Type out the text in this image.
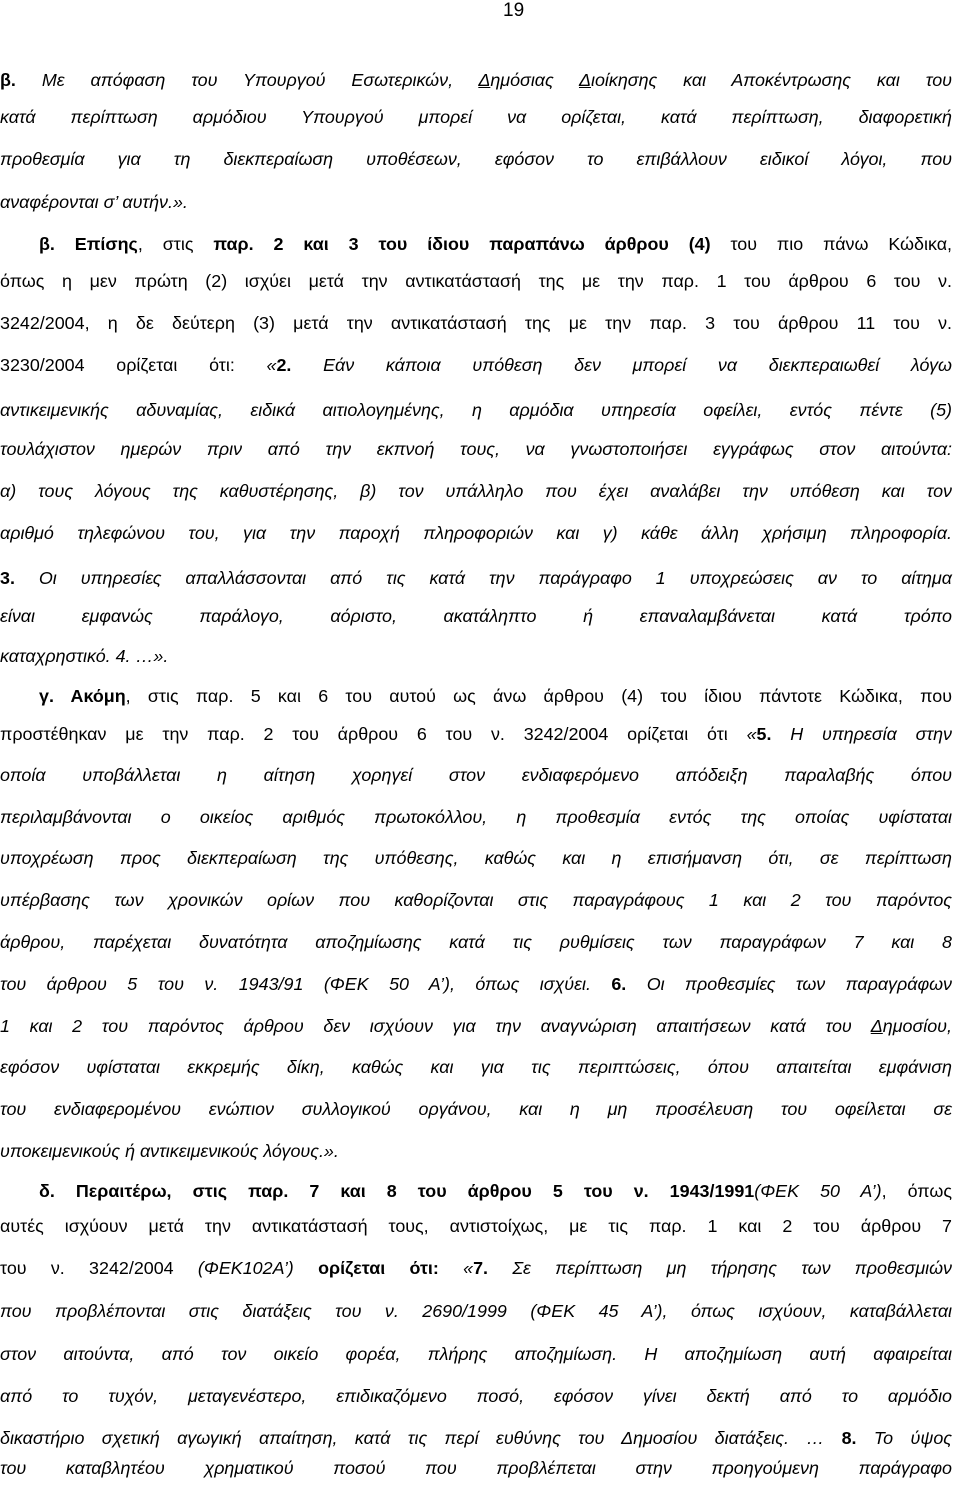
19
β. Με απόφαση του Υπουργού Εσωτερικών, Δημόσιας Διοίκησης και Αποκέντρωσης και του
κατά περίπτωση αρμόδιου Υπουργού μπορεί να ορίζεται, κατά περίπτωση, διαφορετική
προθεσμία για τη διεκπεραίωση υποθέσεων, εφόσον το επιβάλλουν ειδικοί λόγοι, που
αναφέρονται σ’ αυτήν.».
β. Επίσης, στις παρ. 2 και 3 του ίδιου παραπάνω άρθρου (4) του πιο πάνω Κώδικα,
όπως η μεν πρώτη (2) ισχύει μετά την αντικατάστασή της με την παρ. 1 του άρθρου 6 του ν.
3242/2004, η δε δεύτερη (3) μετά την αντικατάστασή της με την παρ. 3 του άρθρου 11 του ν.
3230/2004 ορίζεται ότι: «2. Εάν κάποια υπόθεση δεν μπορεί να διεκπεραιωθεί λόγω
αντικειμενικής αδυναμίας, ειδικά αιτιολογημένης, η αρμόδια υπηρεσία οφείλει, εντός πέντε (5)
τουλάχιστον ημερών πριν από την εκπνοή τους, να γνωστοποιήσει εγγράφως στον αιτούντα:
α) τους λόγους της καθυστέρησης, β) τον υπάλληλο που έχει αναλάβει την υπόθεση και τον
αριθμό τηλεφώνου του, για την παροχή πληροφοριών και γ) κάθε άλλη χρήσιμη πληροφορία.
3. Οι υπηρεσίες απαλλάσσονται από τις κατά την παράγραφο 1 υποχρεώσεις αν το αίτημα
είναι εμφανώς παράλογο, αόριστο, ακατάληπτο ή επαναλαμβάνεται κατά τρόπο
καταχρηστικό. 4. …».
γ. Ακόμη, στις παρ. 5 και 6 του αυτού ως άνω άρθρου (4) του ίδιου πάντοτε Κώδικα, που
προστέθηκαν με την παρ. 2 του άρθρου 6 του ν. 3242/2004 ορίζεται ότι «5. Η υπηρεσία στην
οποία υποβάλλεται η αίτηση χορηγεί στον ενδιαφερόμενο απόδειξη παραλαβής όπου
περιλαμβάνονται ο οικείος αριθμός πρωτοκόλλου, η προθεσμία εντός της οποίας υφίσταται
υποχρέωση προς διεκπεραίωση της υπόθεσης, καθώς και η επισήμανση ότι, σε περίπτωση
υπέρβασης των χρονικών ορίων που καθορίζονται στις παραγράφους 1 και 2 του παρόντος
άρθρου, παρέχεται δυνατότητα αποζημίωσης κατά τις ρυθμίσεις των παραγράφων 7 και 8
του άρθρου 5 του ν. 1943/91 (ΦΕΚ 50 Α’), όπως ισχύει. 6. Οι προθεσμίες των παραγράφων
1 και 2 του παρόντος άρθρου δεν ισχύουν για την αναγνώριση απαιτήσεων κατά του Δημοσίου,
εφόσον υφίσταται εκκρεμής δίκη, καθώς και για τις περιπτώσεις, όπου απαιτείται εμφάνιση
του ενδιαφερομένου ενώπιον συλλογικού οργάνου, και η μη προσέλευση του οφείλεται σε
υποκειμενικούς ή αντικειμενικούς λόγους.».
δ. Περαιτέρω, στις παρ. 7 και 8 του άρθρου 5 του ν. 1943/1991(ΦΕΚ 50 Α’), όπως
αυτές ισχύουν μετά την αντικατάστασή τους, αντιστοίχως, με τις παρ. 1 και 2 του άρθρου 7
του ν. 3242/2004 (ΦΕΚ102Α’) ορίζεται ότι: «7. Σε περίπτωση μη τήρησης των προθεσμιών
που προβλέπονται στις διατάξεις του ν. 2690/1999 (ΦΕΚ 45 Α’), όπως ισχύουν, καταβάλλεται
στον αιτούντα, από τον οικείο φορέα, πλήρης αποζημίωση. Η αποζημίωση αυτή αφαιρείται
από το τυχόν, μεταγενέστερο, επιδικαζόμενο ποσό, εφόσον γίνει δεκτή από το αρμόδιο
δικαστήριο σχετική αγωγική απαίτηση, κατά τις περί ευθύνης του Δημοσίου διατάξεις. … 8. Το ύψος
του καταβλητέου χρηματικού ποσού που προβλέπεται στην προηγούμενη παράγραφο
